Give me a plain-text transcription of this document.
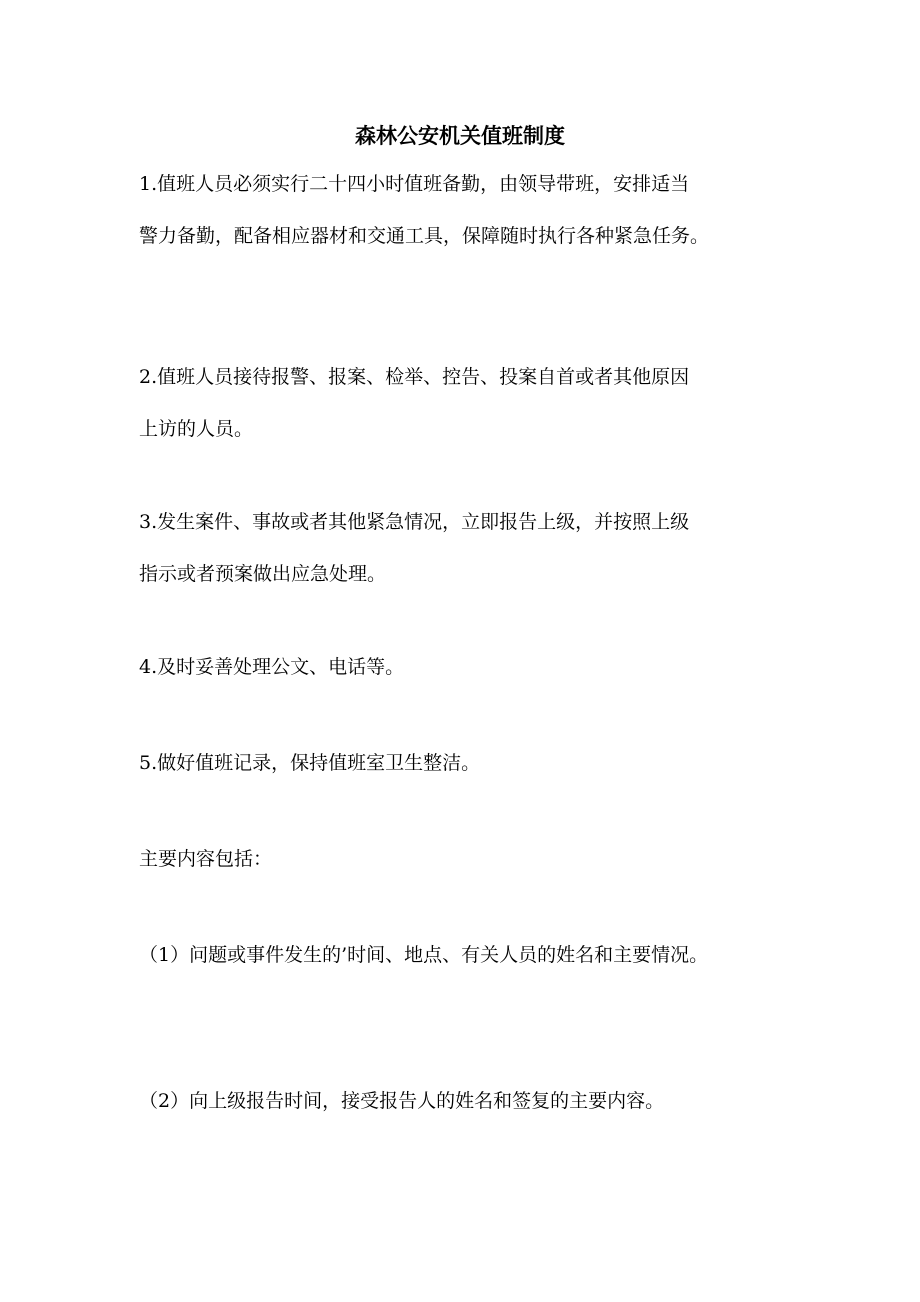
森林公安机关值班制度
1.值班人员必须实行二十四小时值班备勤，由领导带班，安排适当
警力备勤，配备相应器材和交通工具，保障随时执行各种紧急任务。
2.值班人员接待报警、报案、检举、控告、投案自首或者其他原因
上访的人员。
3.发生案件、事故或者其他紧急情况，立即报告上级，并按照上级
指示或者预案做出应急处理。
4.及时妥善处理公文、电话等。
5.做好值班记录，保持值班室卫生整洁。
主要内容包括：
（1）问题或事件发生的’时间、地点、有关人员的姓名和主要情况。
（2）向上级报告时间，接受报告人的姓名和签复的主要内容。
